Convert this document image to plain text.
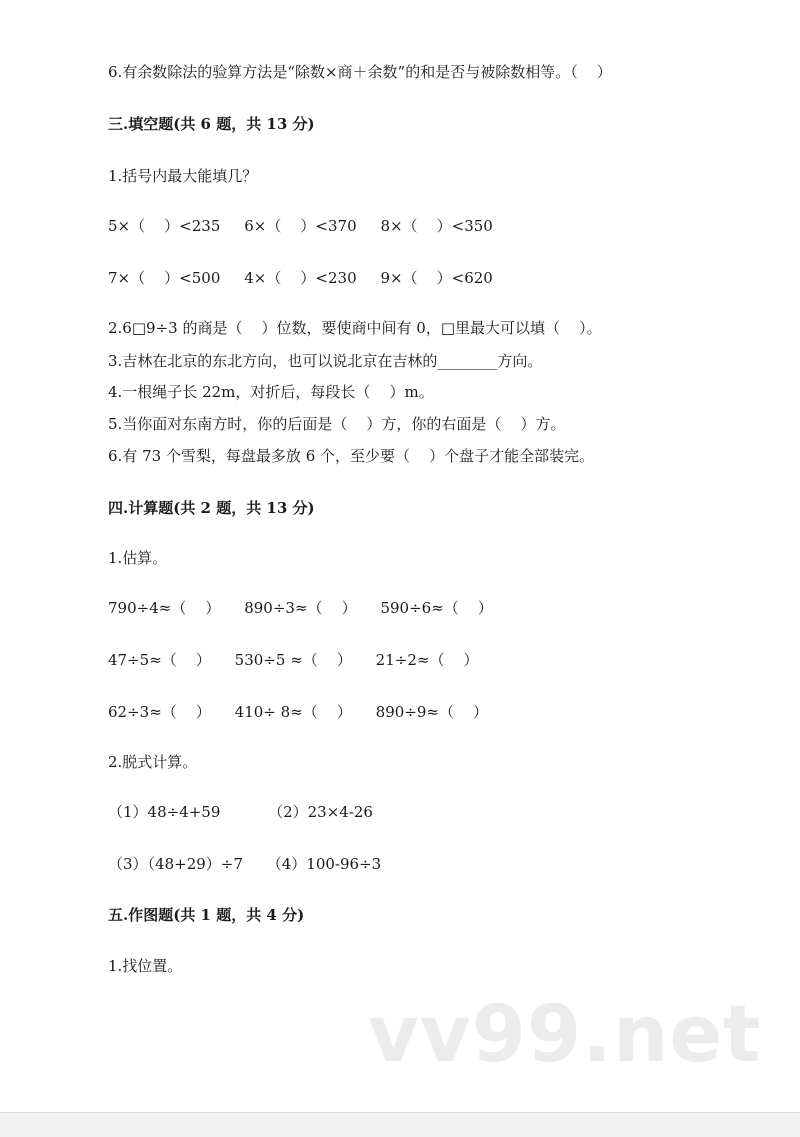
6.有余数除法的验算方法是“除数×商＋余数”的和是否与被除数相等。（    ）
三.填空题(共 6 题，共 13 分)
1.括号内最大能填几？
5×（    ）<235     6×（    ）<370     8×（    ）<350
7×（    ）<500     4×（    ）<230     9×（    ）<620
2.6□9÷3 的商是（    ）位数，要使商中间有 0，□里最大可以填（    ）。
3.吉林在北京的东北方向，也可以说北京在吉林的________方向。
4.一根绳子长 22m，对折后，每段长（    ）m。
5.当你面对东南方时，你的后面是（    ）方，你的右面是（    ）方。
6.有 73 个雪梨，每盘最多放 6 个，至少要（    ）个盘子才能全部装完。
四.计算题(共 2 题，共 13 分)
1.估算。
790÷4≈（    ）     890÷3≈（    ）     590÷6≈（    ）
47÷5≈（    ）     530÷5 ≈（    ）     21÷2≈（    ）
62÷3≈（    ）     410÷ 8≈（    ）     890÷9≈（    ）
2.脱式计算。
（1）48÷4+59          （2）23×4-26
（3）（48+29）÷7     （4）100-96÷3
五.作图题(共 1 题，共 4 分)
1.找位置。
vv99.net
